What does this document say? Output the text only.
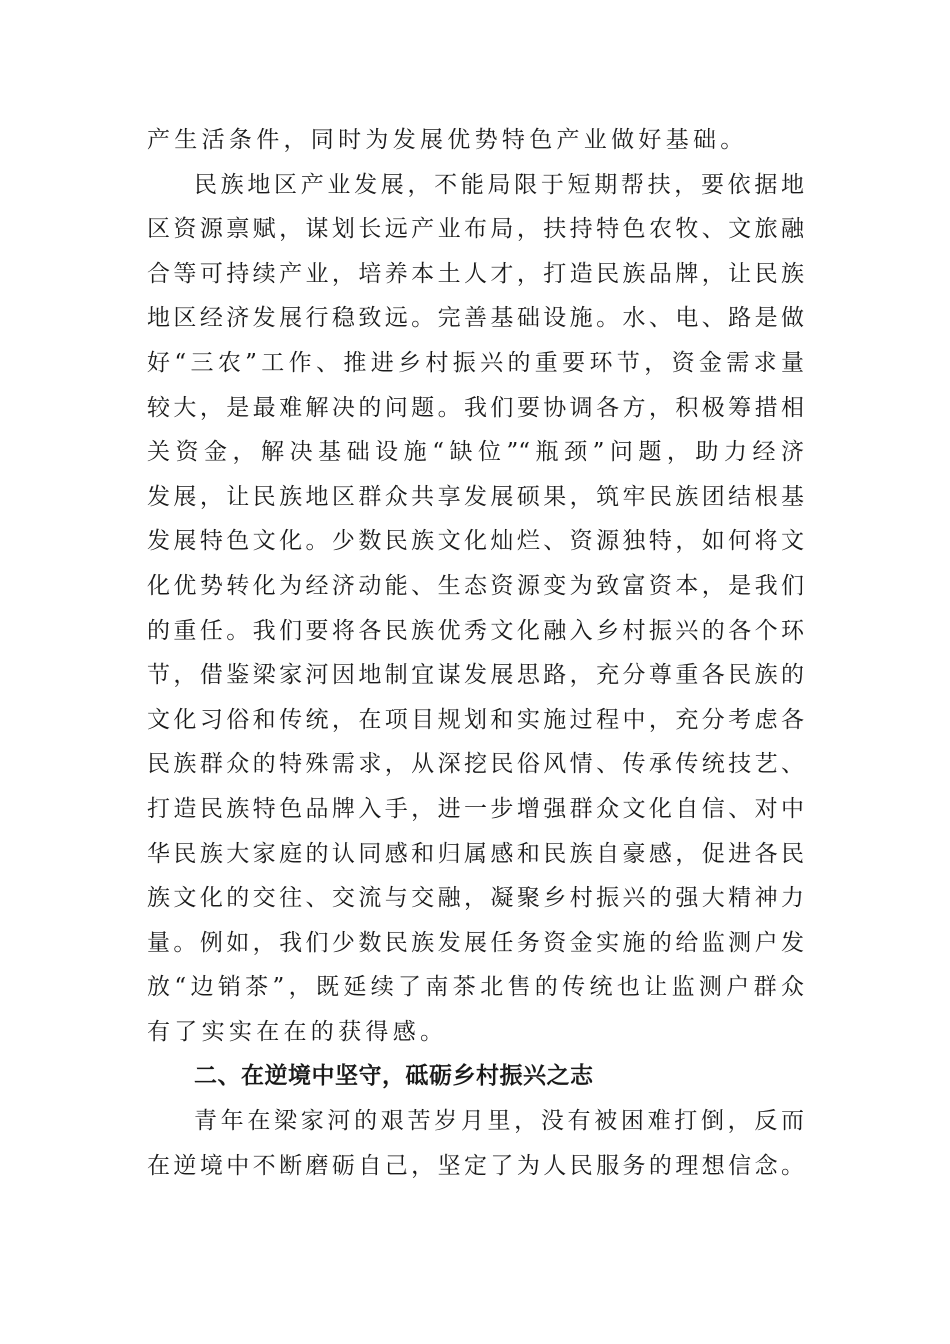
产生活条件，同时为发展优势特色产业做好基础。
民族地区产业发展，不能局限于短期帮扶，要依据地
区资源禀赋，谋划长远产业布局，扶持特色农牧、文旅融
合等可持续产业，培养本土人才，打造民族品牌，让民族
地区经济发展行稳致远。完善基础设施。水、电、路是做
好“三农”工作、推进乡村振兴的重要环节，资金需求量
较大，是最难解决的问题。我们要协调各方，积极筹措相
关资金，解决基础设施“缺位”“瓶颈”问题，助力经济
发展，让民族地区群众共享发展硕果，筑牢民族团结根基
发展特色文化。少数民族文化灿烂、资源独特，如何将文
化优势转化为经济动能、生态资源变为致富资本，是我们
的重任。我们要将各民族优秀文化融入乡村振兴的各个环
节，借鉴梁家河因地制宜谋发展思路，充分尊重各民族的
文化习俗和传统，在项目规划和实施过程中，充分考虑各
民族群众的特殊需求，从深挖民俗风情、传承传统技艺、
打造民族特色品牌入手，进一步增强群众文化自信、对中
华民族大家庭的认同感和归属感和民族自豪感，促进各民
族文化的交往、交流与交融，凝聚乡村振兴的强大精神力
量。例如，我们少数民族发展任务资金实施的给监测户发
放“边销茶”，既延续了南茶北售的传统也让监测户群众
有了实实在在的获得感。
二、在逆境中坚守，砥砺乡村振兴之志
青年在梁家河的艰苦岁月里，没有被困难打倒，反而
在逆境中不断磨砺自己，坚定了为人民服务的理想信念。
